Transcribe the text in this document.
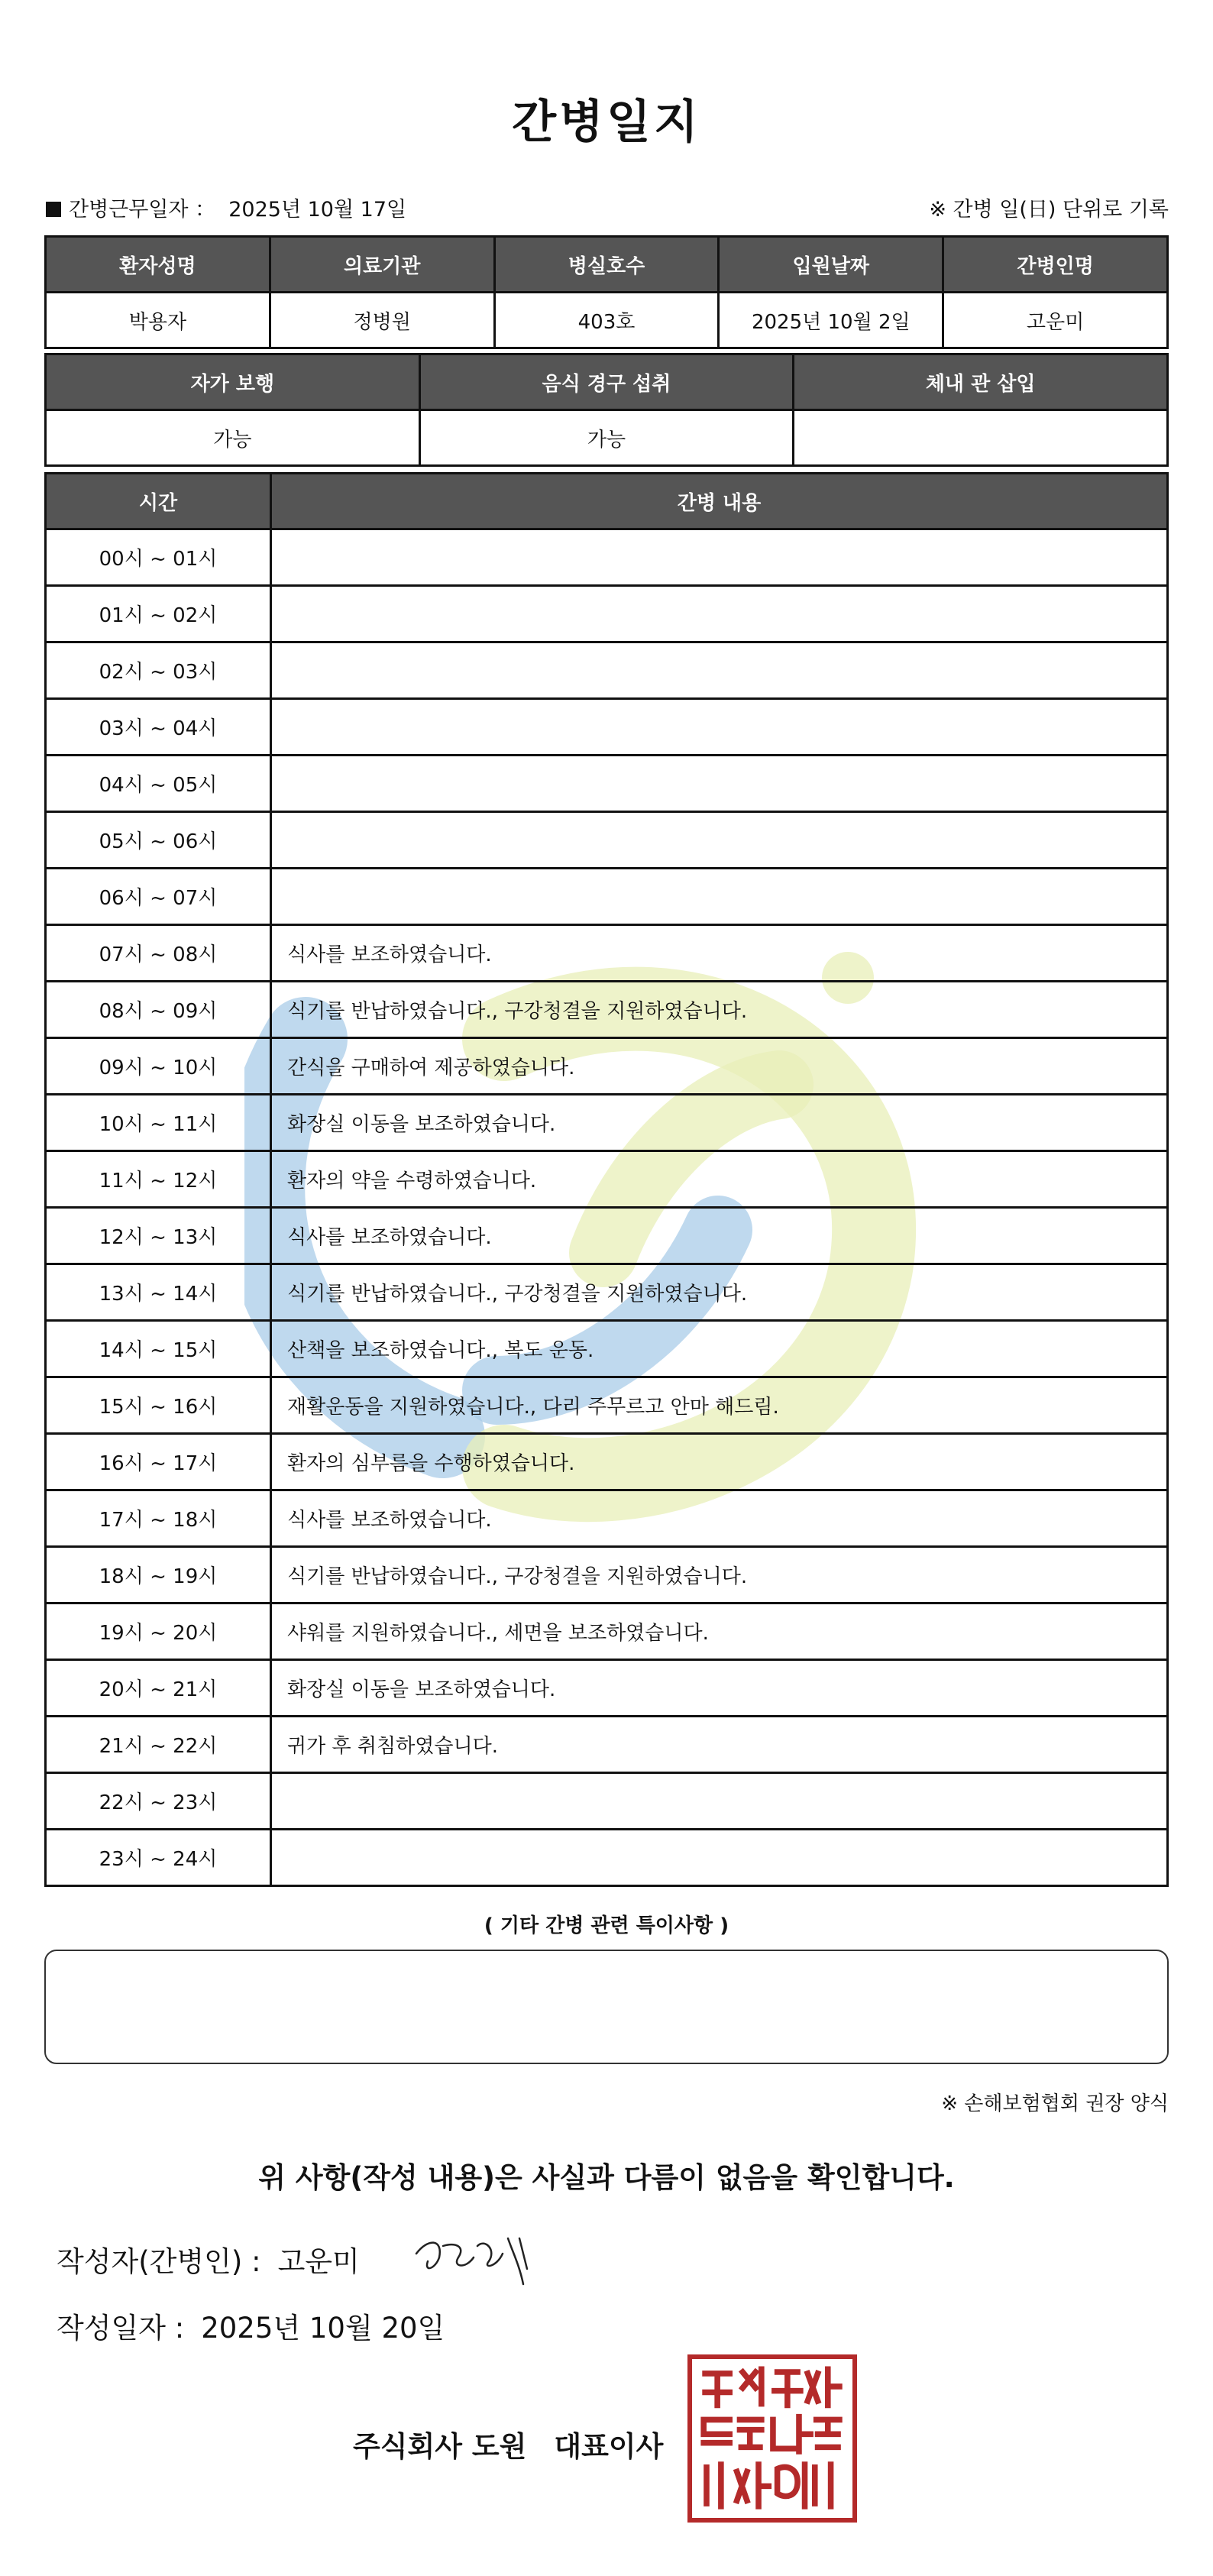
간병일지
간병근무일자 ： 2025년 10월 17일	※ 간병 일(日) 단위로 기록
환자성명	의료기관	병실호수	입원날짜	간병인명
박용자	정병원	403호	2025년 10월 2일	고운미
자가 보행	음식 경구 섭취	체내 관 삽입
가능	가능	
시간	간병 내용
00시 ~ 01시	
01시 ~ 02시	
02시 ~ 03시	
03시 ~ 04시	
04시 ~ 05시	
05시 ~ 06시	
06시 ~ 07시	
07시 ~ 08시	식사를 보조하였습니다.
08시 ~ 09시	식기를 반납하였습니다., 구강청결을 지원하였습니다.
09시 ~ 10시	간식을 구매하여 제공하였습니다.
10시 ~ 11시	화장실 이동을 보조하였습니다.
11시 ~ 12시	환자의 약을 수령하였습니다.
12시 ~ 13시	식사를 보조하였습니다.
13시 ~ 14시	식기를 반납하였습니다., 구강청결을 지원하였습니다.
14시 ~ 15시	산책을 보조하였습니다., 복도 운동.
15시 ~ 16시	재활운동을 지원하였습니다., 다리 주무르고 안마 해드림.
16시 ~ 17시	환자의 심부름을 수행하였습니다.
17시 ~ 18시	식사를 보조하였습니다.
18시 ~ 19시	식기를 반납하였습니다., 구강청결을 지원하였습니다.
19시 ~ 20시	샤워를 지원하였습니다., 세면을 보조하였습니다.
20시 ~ 21시	화장실 이동을 보조하였습니다.
21시 ~ 22시	귀가 후 취침하였습니다.
22시 ~ 23시	
23시 ~ 24시	
( 기타 간병 관련 특이사항 )
※ 손해보험협회 권장 양식
위 사항(작성 내용)은 사실과 다름이 없음을 확인합니다.
작성자(간병인) : 고운미
작성일자 : 2025년 10월 20일
주식회사 도원 대표이사
